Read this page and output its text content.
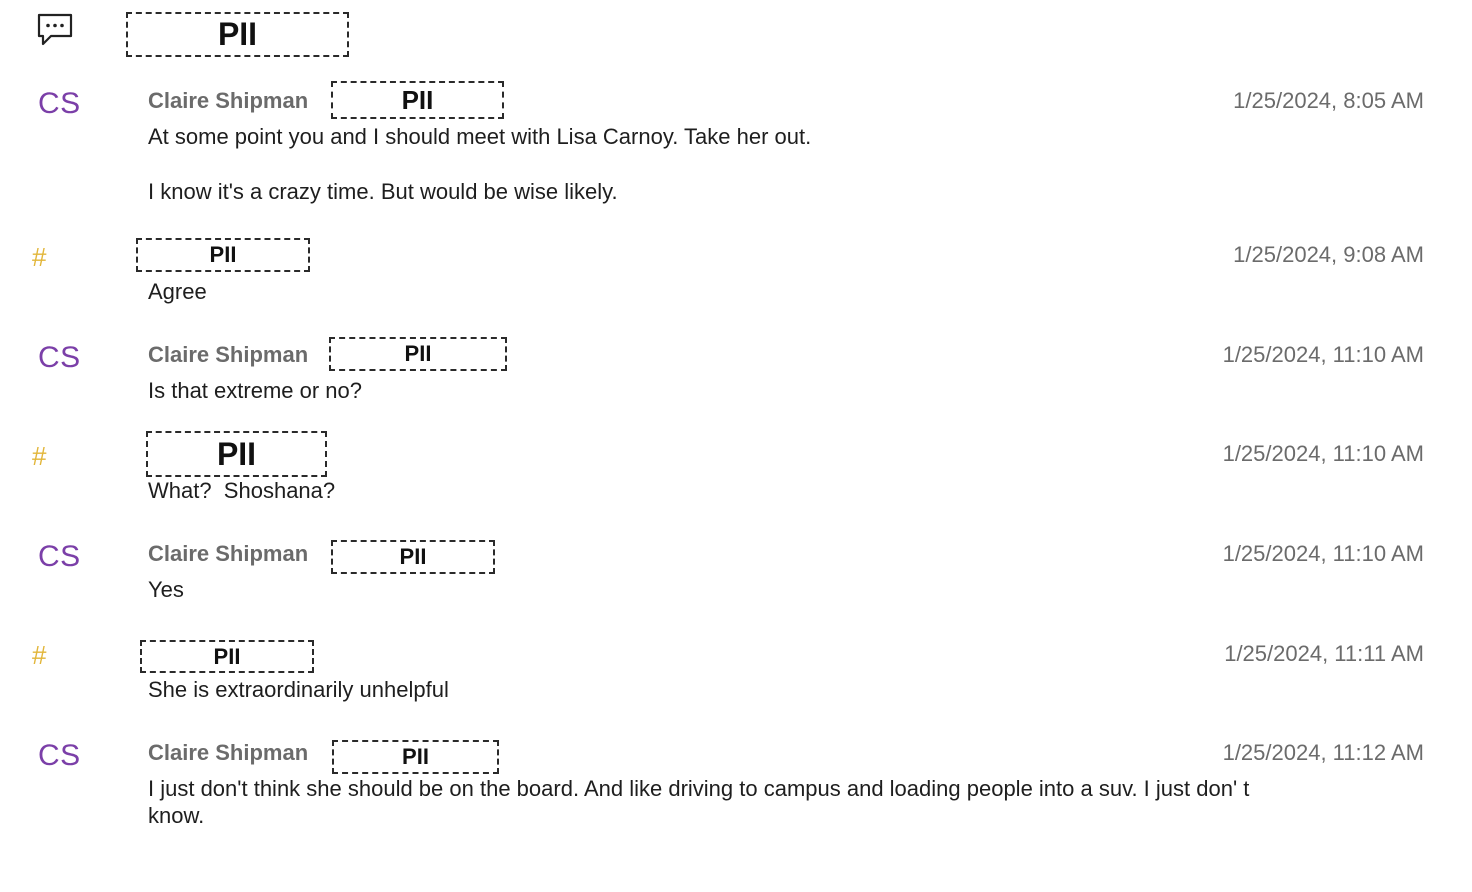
PII
CS	Claire Shipman	PII	1/25/2024, 8:05 AM
At some point you and I should meet with Lisa Carnoy. Take her out.
I know it's a crazy time. But would be wise likely.
#	PII	1/25/2024, 9:08 AM
Agree
CS	Claire Shipman	PII	1/25/2024, 11:10 AM
Is that extreme or no?
#	PII	1/25/2024, 11:10 AM
What?  Shoshana?
CS	Claire Shipman	PII	1/25/2024, 11:10 AM
Yes
#	PII	1/25/2024, 11:11 AM
She is extraordinarily unhelpful
CS	Claire Shipman	PII	1/25/2024, 11:12 AM
I just don't think she should be on the board. And like driving to campus and loading people into a suv. I just don' t
know.
